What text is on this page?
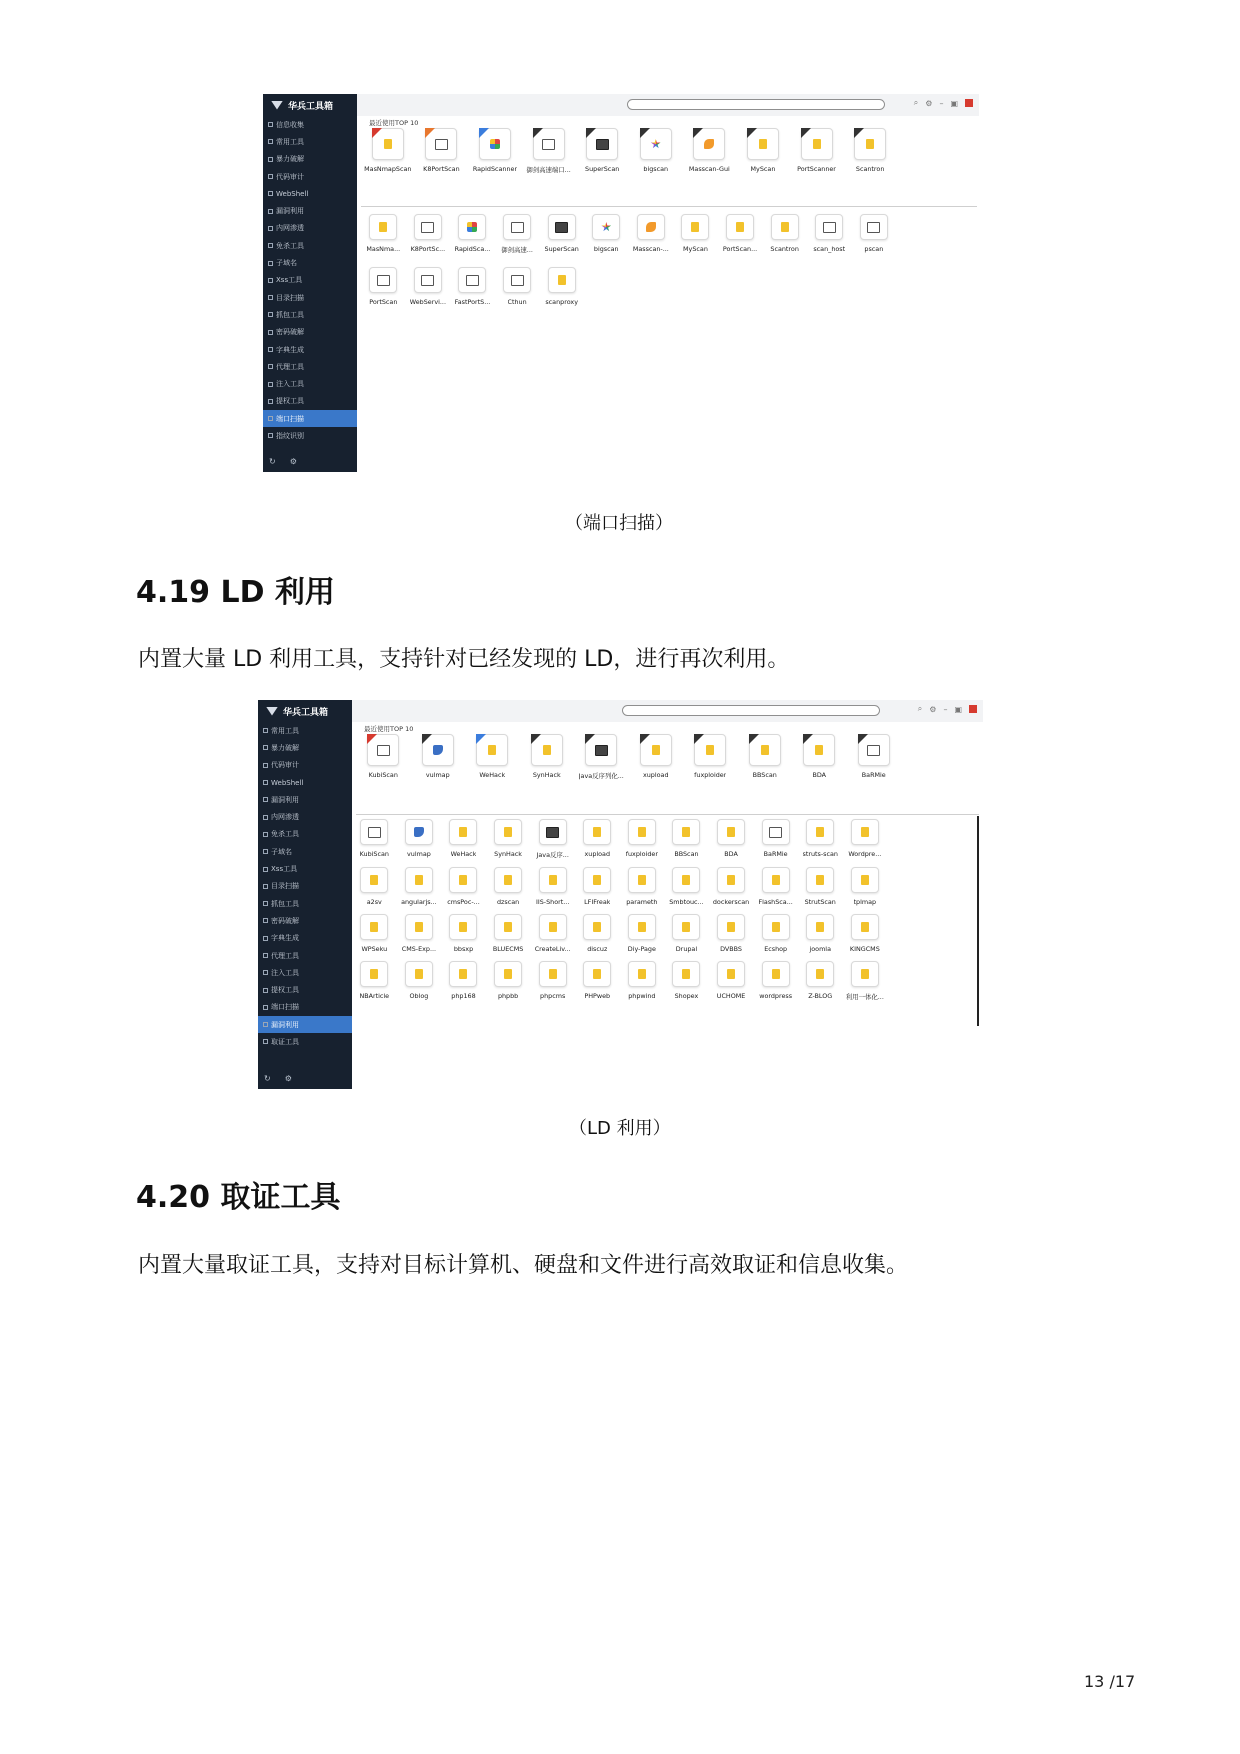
华兵工具箱
信息收集
常用工具
暴力破解
代码审计
WebShell
漏洞利用
内网渗透
免杀工具
子域名
Xss工具
目录扫描
抓包工具
密码破解
字典生成
代理工具
注入工具
提权工具
端口扫描
指纹识别
↻ ⚙
⌕ ⚙ – ▣
最近使用TOP 10
MasNmapScan K8PortScan RapidScanner 御剑高速端口... SuperScan	bigscan	Masscan-Gui	MyScan	PortScanner	Scantron
MasNma... K8PortSc... RapidSca... 御剑高速... SuperScan bigscan Masscan-... MyScan PortScan... Scantron scan_host	pscan
PortScan WebServi... FastPortS...	Cthun	scanproxy
（端口扫描）
4.19 LD 利用
内置大量 LD 利用工具，支持针对已经发现的 LD，进行再次利用。
华兵工具箱
常用工具
暴力破解
代码审计
WebShell
漏洞利用
内网渗透
免杀工具
子域名
Xss工具
目录扫描
抓包工具
密码破解
字典生成
代理工具
注入工具
提权工具
端口扫描
漏洞利用
取证工具
↻ ⚙
⌕ ⚙ – ▣
最近使用TOP 10
KubiScan	vulmap	WeHack	SynHack	Java反序列化...	xupload	fuxploider	BBScan	BDA	BaRMie
KubiScan	vulmap	WeHack	SynHack Java反序... xupload fuxploider	BBScan	BDA	BaRMie struts-scan Wordpre...
a2sv	angularjs... cmsPoc-...	dzscan	IIS-Short... LFIFreak parameth Smbtouc... dockerscan FlashSca... StrutScan	tplmap
WPSeku CMS-Exp...	bbsxp	BLUECMS CreateLiv...	discuz	Diy-Page	Drupal	DVBBS	Ecshop	joomla	KINGCMS
NBArticle	Oblog	php168	phpbb	phpcms	PHPweb	phpwind	Shopex	UCHOME wordpress	Z-BLOG 利用一体化...
（LD 利用）
4.20 取证工具
内置大量取证工具，支持对目标计算机、硬盘和文件进行高效取证和信息收集。
13 /17
